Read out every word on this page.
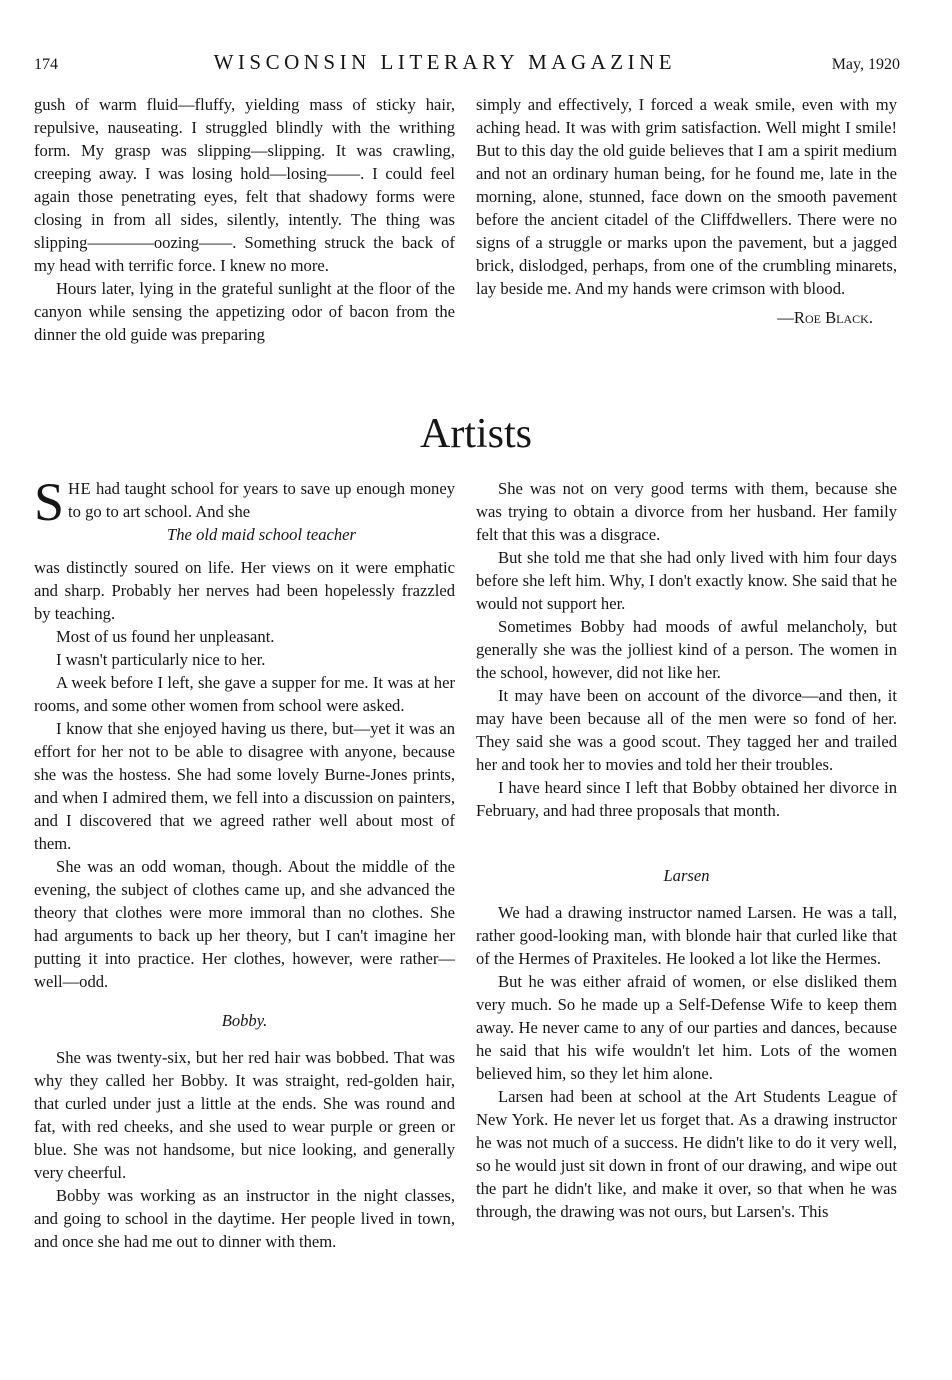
174	WISCONSIN LITERARY MAGAZINE	May, 1920

gush of warm fluid—fluffy, yielding mass of sticky hair, repulsive, nauseating. I struggled blindly with the writhing form. My grasp was slipping—slipping. It was crawling, creeping away. I was losing hold—losing——. I could feel again those penetrating eyes, felt that shadowy forms were closing in from all sides, silently, intently. The thing was slipping————oozing——. Something struck the back of my head with terrific force. I knew no more.

Hours later, lying in the grateful sunlight at the floor of the canyon while sensing the appetizing odor of bacon from the dinner the old guide was preparing

simply and effectively, I forced a weak smile, even with my aching head. It was with grim satisfaction. Well might I smile! But to this day the old guide believes that I am a spirit medium and not an ordinary human being, for he found me, late in the morning, alone, stunned, face down on the smooth pavement before the ancient citadel of the Cliffdwellers. There were no signs of a struggle or marks upon the pavement, but a jagged brick, dislodged, perhaps, from one of the crumbling minarets, lay beside me. And my hands were crimson with blood.

—Roe Black.

Artists

SHE had taught school for years to save up enough money to go to art school. And she
The old maid school teacher

was distinctly soured on life. Her views on it were emphatic and sharp. Probably her nerves had been hopelessly frazzled by teaching.

Most of us found her unpleasant.

I wasn't particularly nice to her.

A week before I left, she gave a supper for me. It was at her rooms, and some other women from school were asked.

I know that she enjoyed having us there, but—yet it was an effort for her not to be able to disagree with anyone, because she was the hostess. She had some lovely Burne-Jones prints, and when I admired them, we fell into a discussion on painters, and I discovered that we agreed rather well about most of them.

She was an odd woman, though. About the middle of the evening, the subject of clothes came up, and she advanced the theory that clothes were more immoral than no clothes. She had arguments to back up her theory, but I can't imagine her putting it into practice. Her clothes, however, were rather—well—odd.

Bobby.

She was twenty-six, but her red hair was bobbed. That was why they called her Bobby. It was straight, red-golden hair, that curled under just a little at the ends. She was round and fat, with red cheeks, and she used to wear purple or green or blue. She was not handsome, but nice looking, and generally very cheerful.

Bobby was working as an instructor in the night classes, and going to school in the daytime. Her people lived in town, and once she had me out to dinner with them.

She was not on very good terms with them, because she was trying to obtain a divorce from her husband. Her family felt that this was a disgrace.

But she told me that she had only lived with him four days before she left him. Why, I don't exactly know. She said that he would not support her.

Sometimes Bobby had moods of awful melancholy, but generally she was the jolliest kind of a person. The women in the school, however, did not like her.

It may have been on account of the divorce—and then, it may have been because all of the men were so fond of her. They said she was a good scout. They tagged her and trailed her and took her to movies and told her their troubles.

I have heard since I left that Bobby obtained her divorce in February, and had three proposals that month.

Larsen

We had a drawing instructor named Larsen. He was a tall, rather good-looking man, with blonde hair that curled like that of the Hermes of Praxiteles. He looked a lot like the Hermes.

But he was either afraid of women, or else disliked them very much. So he made up a Self-Defense Wife to keep them away. He never came to any of our parties and dances, because he said that his wife wouldn't let him. Lots of the women believed him, so they let him alone.

Larsen had been at school at the Art Students League of New York. He never let us forget that. As a drawing instructor he was not much of a success. He didn't like to do it very well, so he would just sit down in front of our drawing, and wipe out the part he didn't like, and make it over, so that when he was through, the drawing was not ours, but Larsen's. This
